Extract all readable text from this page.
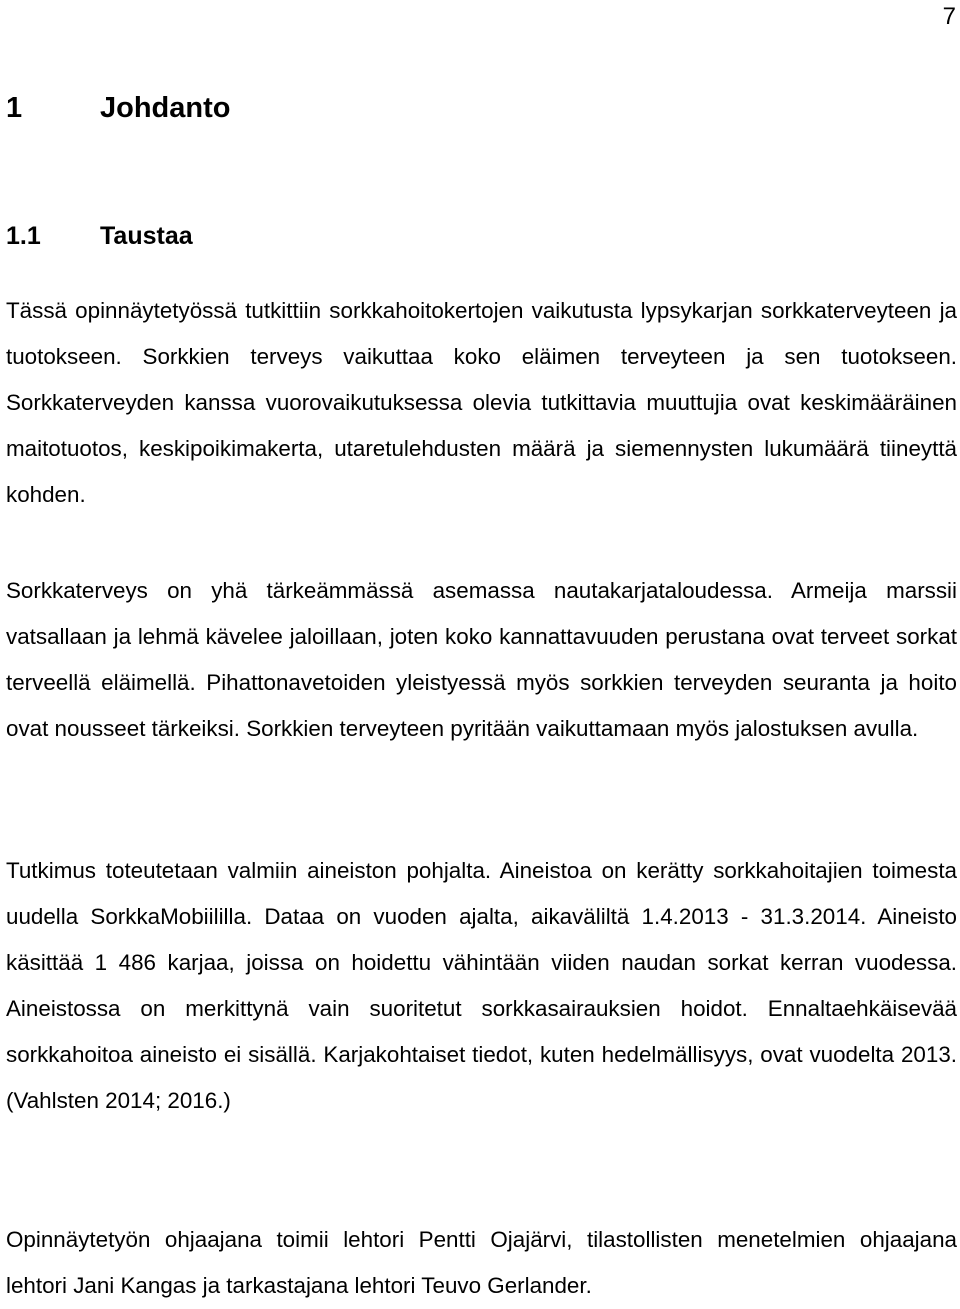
7
1	Johdanto
1.1 Taustaa

Tässä opinnäytetyössä tutkittiin sorkkahoitokertojen vaikutusta lypsykarjan sorkkaterveyteen ja tuotokseen. Sorkkien terveys vaikuttaa koko eläimen terveyteen ja sen tuotokseen. Sorkkaterveyden kanssa vuorovaikutuksessa olevia tutkittavia muuttujia ovat keskimääräinen maitotuotos, keskipoikimakerta, utaretulehdusten määrä ja siemennysten lukumäärä tiineyttä kohden.

Sorkkaterveys on yhä tärkeämmässä asemassa nautakarjataloudessa. Armeija marssii vatsallaan ja lehmä kävelee jaloillaan, joten koko kannattavuuden perustana ovat terveet sorkat terveellä eläimellä. Pihattonavetoiden yleistyessä myös sorkkien terveyden seuranta ja hoito ovat nousseet tärkeiksi. Sorkkien terveyteen pyritään vaikuttamaan myös jalostuksen avulla.

Tutkimus toteutetaan valmiin aineiston pohjalta. Aineistoa on kerätty sorkkahoitajien toimesta uudella SorkkaMobiililla. Dataa on vuoden ajalta, aikaväliltä 1.4.2013 - 31.3.2014. Aineisto käsittää 1 486 karjaa, joissa on hoidettu vähintään viiden naudan sorkat kerran vuodessa. Aineistossa on merkittynä vain suoritetut sorkkasairauksien hoidot. Ennaltaehkäisevää sorkkahoitoa aineisto ei sisällä. Karjakohtaiset tiedot, kuten hedelmällisyys, ovat vuodelta 2013. (Vahlsten 2014; 2016.)

Opinnäytetyön ohjaajana toimii lehtori Pentti Ojajärvi, tilastollisten menetelmien ohjaajana lehtori Jani Kangas ja tarkastajana lehtori Teuvo Gerlander.
